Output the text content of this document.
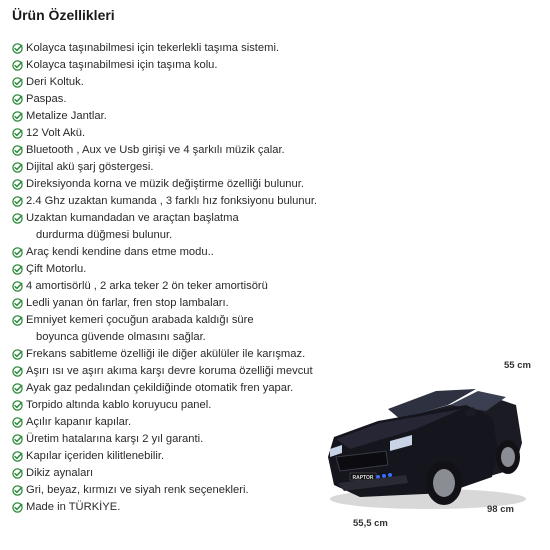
Ürün Özellikleri
Kolayca taşınabilmesi için tekerlekli taşıma sistemi.
Kolayca taşınabilmesi için taşıma kolu.
Deri Koltuk.
Paspas.
Metalize Jantlar.
12 Volt Akü.
Bluetooth , Aux ve Usb girişi ve 4 şarkılı müzik çalar.
Dijital akü şarj göstergesi.
Direksiyonda korna ve müzik değiştirme özelliği bulunur.
2.4 Ghz uzaktan kumanda , 3 farklı hız fonksiyonu bulunur.
Uzaktan kumandadan ve araçtan başlatma
durdurma düğmesi bulunur.
Araç kendi kendine dans etme modu..
Çift Motorlu.
4 amortisörlü , 2 arka teker 2 ön teker amortisörü
Ledli yanan ön farlar, fren stop lambaları.
Emniyet kemeri çocuğun arabada kaldığı süre
boyunca güvende olmasını sağlar.
Frekans sabitleme özelliği ile diğer akülüler ile karışmaz.
Aşırı ısı ve aşırı akıma karşı devre koruma özelliği mevcut
Ayak gaz pedalından çekildiğinde otomatik fren yapar.
Torpido altında kablo koruyucu panel.
Açılır kapanır kapılar.
Üretim hatalarına karşı 2 yıl garanti.
Kapılar içeriden kilitlenebilir.
Dikiz aynaları
Gri, beyaz, kırmızı ve siyah renk seçenekleri.
Made in TÜRKİYE.
RAPTOR
55 cm
98 cm
55,5 cm
